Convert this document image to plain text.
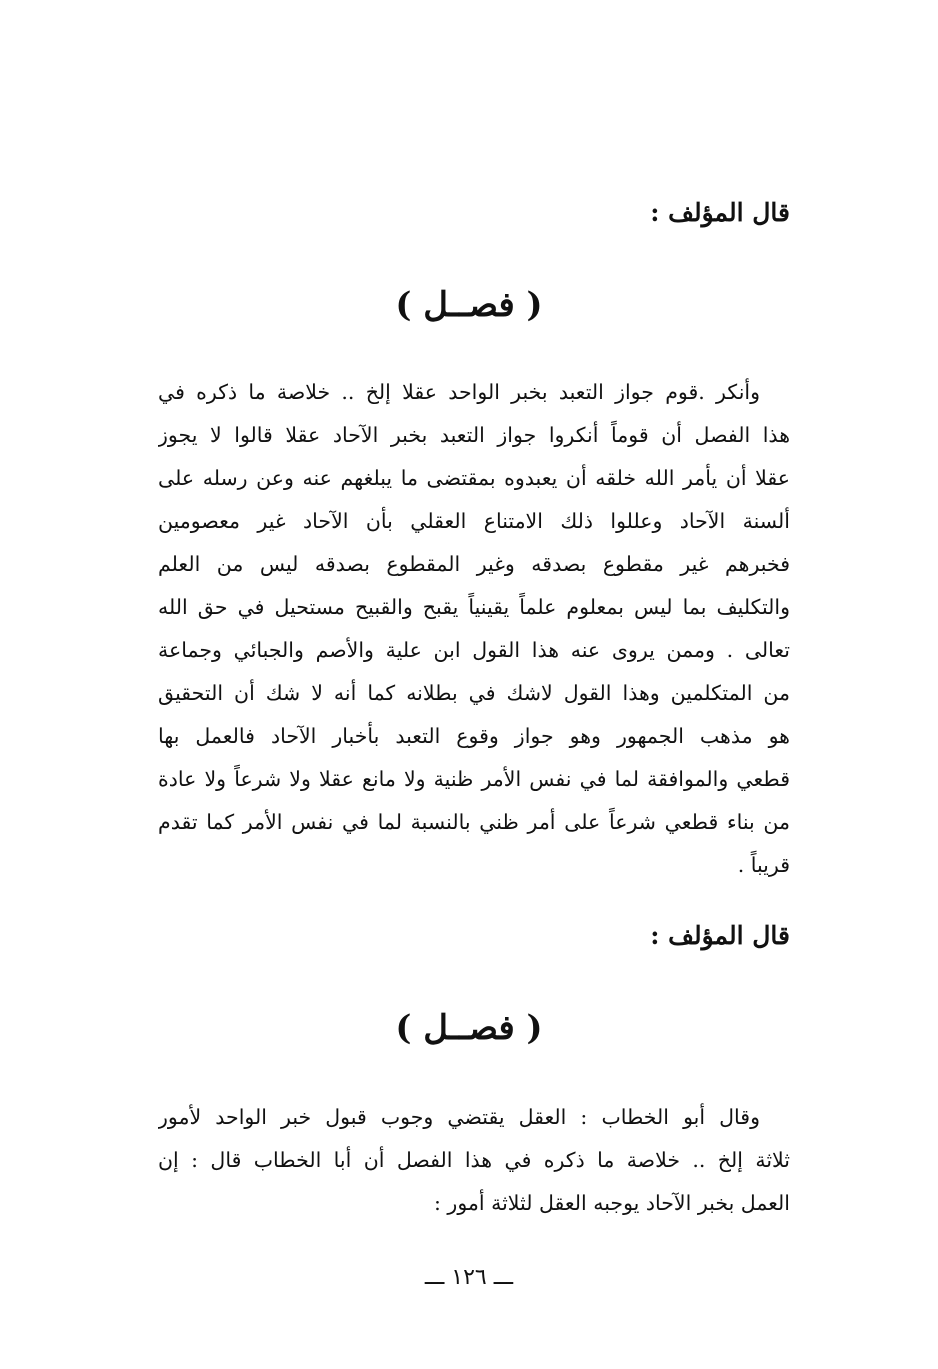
قال المؤلف :
( فصــل )
وأنكر .قوم جواز التعبد بخبر الواحد عقلا إلخ .. خلاصة ما ذكره في
هذا الفصل أن قوماً أنكروا جواز التعبد بخبر الآحاد عقلا قالوا لا يجوز
عقلا أن يأمر الله خلقه أن يعبدوه بمقتضى ما يبلغهم عنه وعن رسله على
ألسنة الآحاد وعللوا ذلك الامتناع العقلي بأن الآحاد غير معصومين
فخبرهم غير مقطوع بصدقه وغير المقطوع بصدقه ليس من العلم
والتكليف بما ليس بمعلوم علماً يقينياً يقبح والقبيح مستحيل في حق الله
تعالى . وممن يروى عنه هذا القول ابن علية والأصم والجبائي وجماعة
من المتكلمين وهذا القول لاشك في بطلانه كما أنه لا شك أن التحقيق
هو مذهب الجمهور وهو جواز وقوع التعبد بأخبار الآحاد فالعمل بها
قطعي والموافقة لما في نفس الأمر ظنية ولا مانع عقلا ولا شرعاً ولا عادة
من بناء قطعي شرعاً على أمر ظني بالنسبة لما في نفس الأمر كما تقدم
قريباً .
قال المؤلف :
( فصــل )
وقال أبو الخطاب : العقل يقتضي وجوب قبول خبر الواحد لأمور
ثلاثة إلخ .. خلاصة ما ذكره في هذا الفصل أن أبا الخطاب قال : إن
العمل بخبر الآحاد يوجبه العقل لثلاثة أمور :
ـــ ١٢٦ ـــ
